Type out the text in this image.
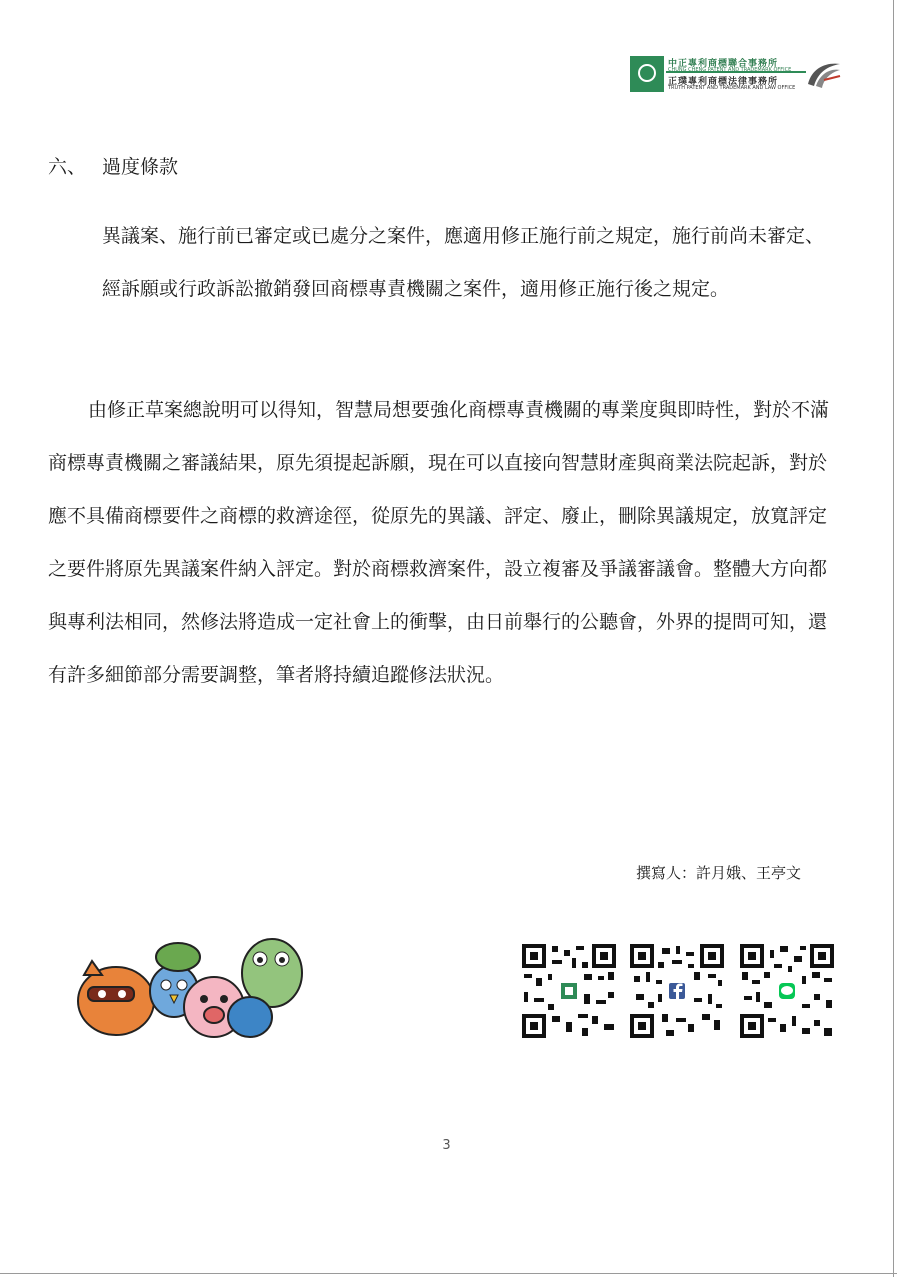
中正專利商標聯合事務所
CHUNG CHENG PATENT AND TRADEMARK OFFICE
正璞專利商標法律事務所
TRUTH PATENT AND TRADEMARK AND LAW OFFICE
六、 過度條款

異議案、施行前已審定或已處分之案件，應適用修正施行前之規定，施行前尚未審定、經訴願或行政訴訟撤銷發回商標專責機關之案件，適用修正施行後之規定。

由修正草案總說明可以得知，智慧局想要強化商標專責機關的專業度與即時性，對於不滿商標專責機關之審議結果，原先須提起訴願，現在可以直接向智慧財產與商業法院起訴，對於應不具備商標要件之商標的救濟途徑，從原先的異議、評定、廢止，刪除異議規定，放寬評定之要件將原先異議案件納入評定。對於商標救濟案件，設立複審及爭議審議會。整體大方向都與專利法相同，然修法將造成一定社會上的衝擊，由日前舉行的公聽會，外界的提問可知，還有許多細節部分需要調整，筆者將持續追蹤修法狀況。

撰寫人：許月娥、王亭文
3
